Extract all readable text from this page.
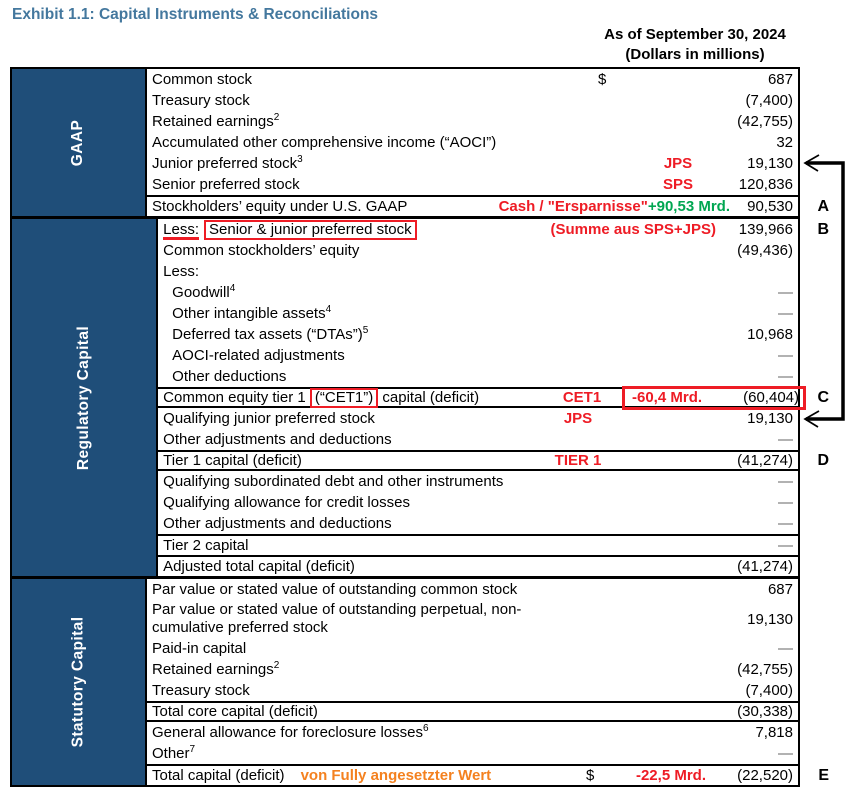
Exhibit 1.1: Capital Instruments & Reconciliations
As of September 30, 2024
(Dollars in millions)
GAAP
Common stock	$	687
Treasury stock	(7,400)
Retained earnings$^2$	(42,755)
Accumulated other comprehensive income (“AOCI”)	32
Junior preferred stock$^3$	JPS	19,130
Senior preferred stock	SPS	120,836
Stockholders’ equity under U.S. GAAP	Cash / "Ersparnisse" +90,53 Mrd.	90,530	A
Regulatory Capital
Less: Senior & junior preferred stock	(Summe aus SPS+JPS)	139,966	B
Common stockholders’ equity	(49,436)
Less:
Goodwill$^4$	—
Other intangible assets$^4$	—
Deferred tax assets (“DTAs”)$^5$	10,968
AOCI-related adjustments	—
Other deductions	—
Common equity tier 1 (“CET1”) capital (deficit)	CET1	-60,4 Mrd.	(60,404) C
Qualifying junior preferred stock	JPS	19,130
Other adjustments and deductions	—
Tier 1 capital (deficit)	TIER 1	(41,274)	D
Qualifying subordinated debt and other instruments	—
Qualifying allowance for credit losses	—
Other adjustments and deductions	—
Tier 2 capital	—
Adjusted total capital (deficit)	(41,274)
Statutory Capital
Par value or stated value of outstanding common stock	687
Par value or stated value of outstanding perpetual, non-cumulative preferred stock	19,130
Paid-in capital	—
Retained earnings$^2$	(42,755)
Treasury stock	(7,400)
Total core capital (deficit)	(30,338)
General allowance for foreclosure losses$^6$	7,818
Other$^7$	—
Total capital (deficit) von Fully angesetzter Wert	$	-22,5 Mrd.	(22,520)	E
